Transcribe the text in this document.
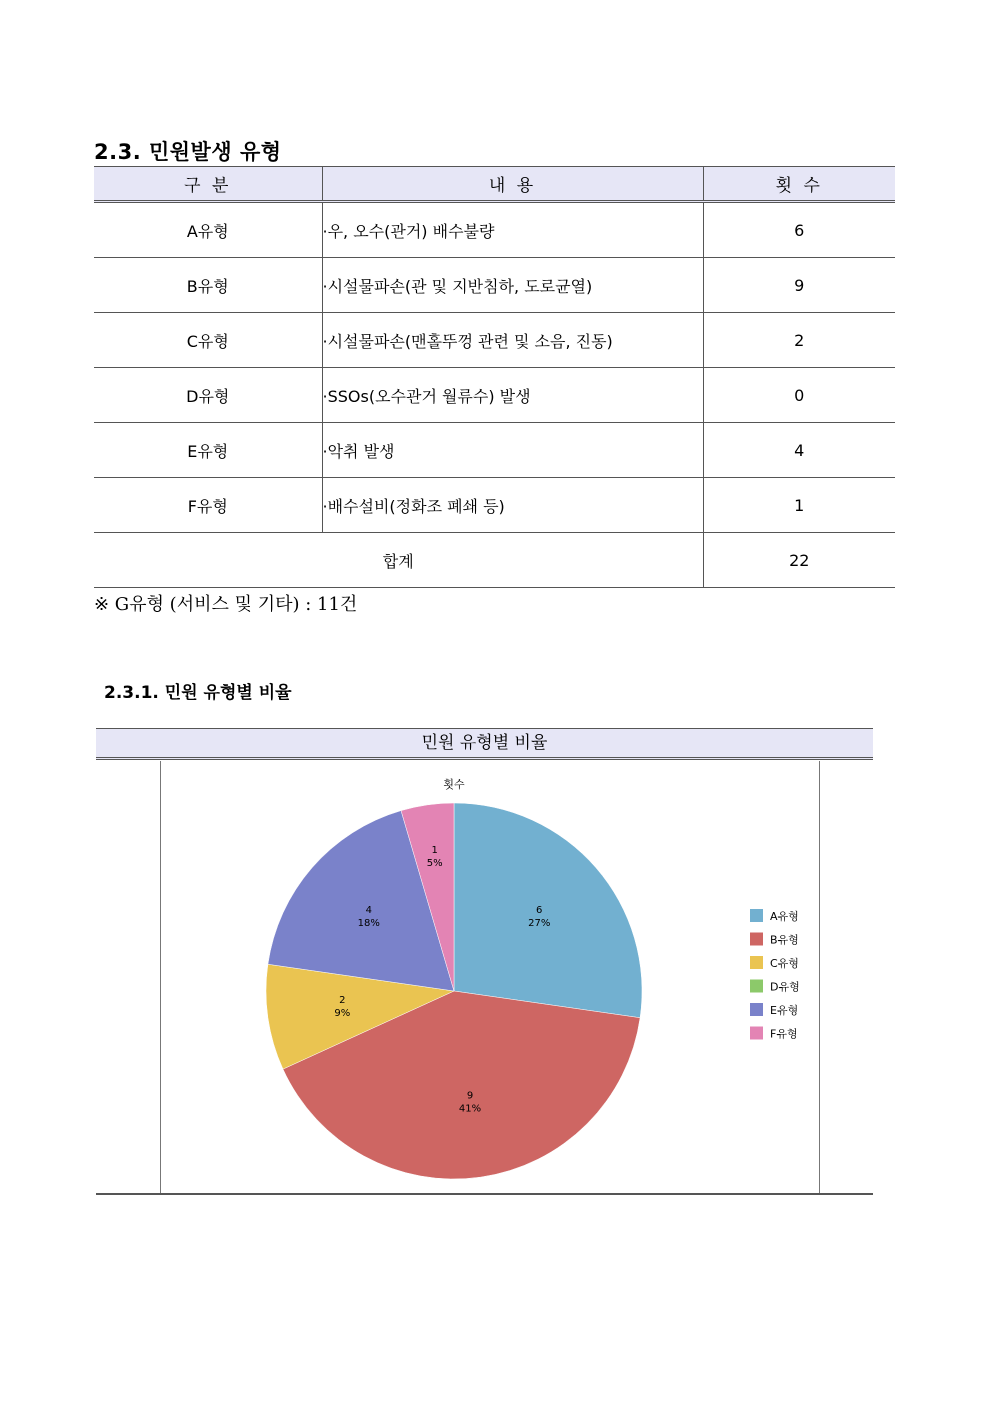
2.3. 민원발생 유형
구 분	내 용	횟 수
A유형	·우, 오수(관거) 배수불량	6
B유형	·시설물파손(관 및 지반침하, 도로균열)	9
C유형	·시설물파손(맨홀뚜껑 관련 및 소음, 진동)	2
D유형	·SSOs(오수관거 월류수) 발생	0
E유형	·악취 발생	4
F유형	·배수설비(정화조 폐쇄 등)	1
합계		22

※ G유형 (서비스 및 기타) : 11건

2.3.1. 민원 유형별 비율
민원 유형별 비율
횟수
6
27%
9
41%
2
9%
4
18%
1
5%
A유형
B유형
C유형
D유형
E유형
F유형
